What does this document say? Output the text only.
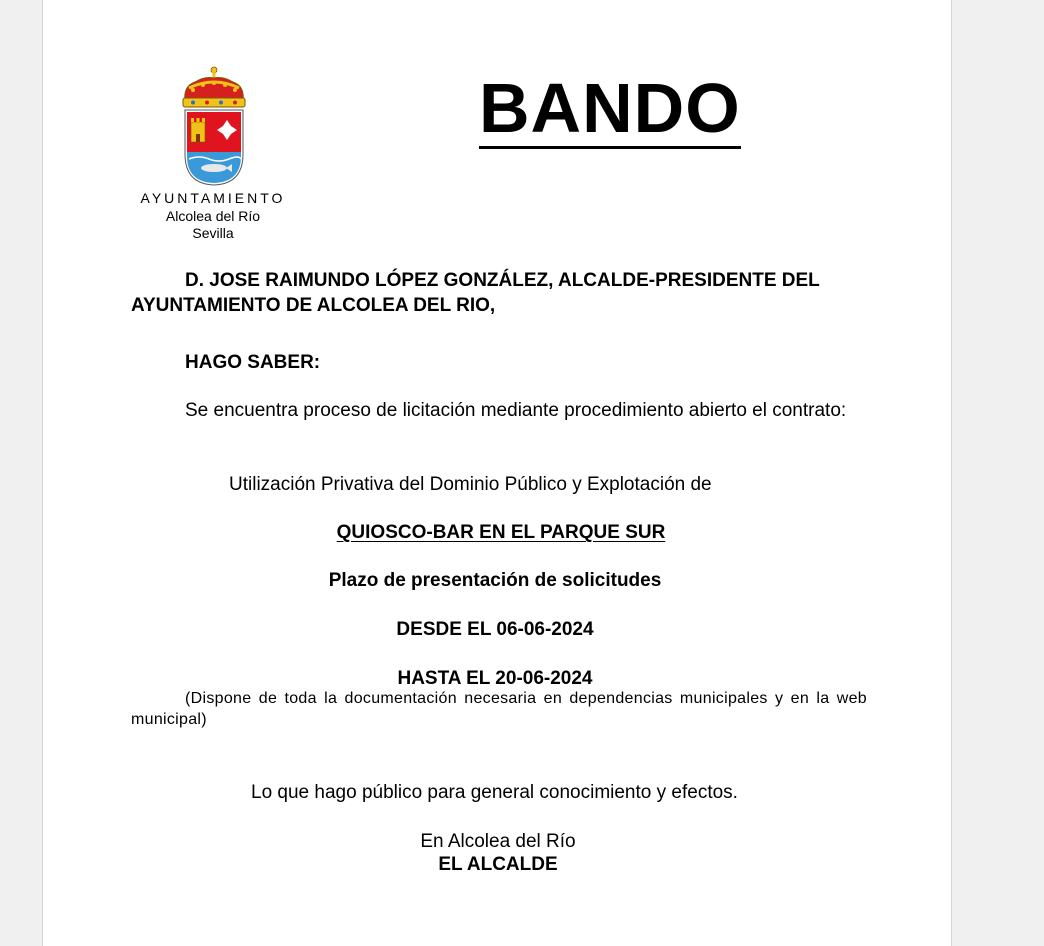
AYUNTAMIENTO
Alcolea del Río
Sevilla
BANDO
D. JOSE RAIMUNDO LÓPEZ GONZÁLEZ, ALCALDE-PRESIDENTE DEL AYUNTAMIENTO DE ALCOLEA DEL RIO,
HAGO SABER:
Se encuentra proceso de licitación mediante procedimiento abierto el contrato:
Utilización Privativa del Dominio Público y Explotación de
QUIOSCO-BAR EN EL PARQUE SUR
Plazo de presentación de solicitudes
DESDE EL 06-06-2024
HASTA EL 20-06-2024
(Dispone de toda la documentación necesaria en dependencias municipales y en la web municipal)
Lo que hago público para general conocimiento y efectos.
En Alcolea del Río
EL ALCALDE
